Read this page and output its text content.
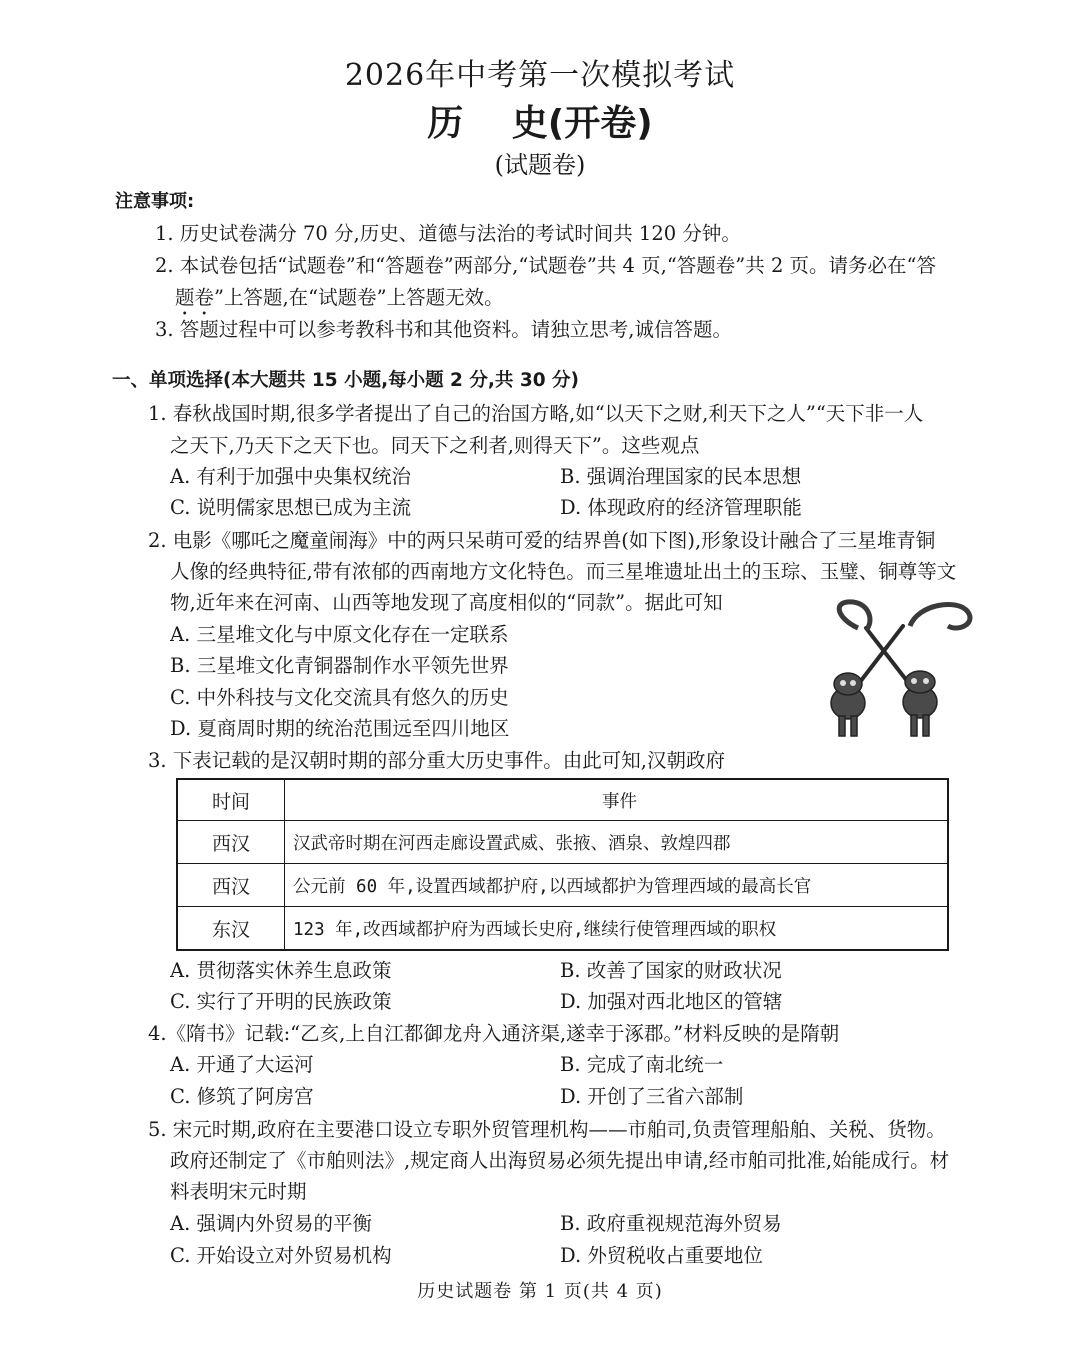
2026年中考第一次模拟考试
历　 史(开卷)
(试题卷)
注意事项:
1. 历史试卷满分 70 分,历史、道德与法治的考试时间共 120 分钟。
2. 本试卷包括“试题卷”和“答题卷”两部分,“试题卷”共 4 页,“答题卷”共 2 页。请务必在“答
题卷”上答题,在“试题卷”上答题无效。
3. 答题过程中可以参考教科书和其他资料。请独立思考,诚信答题。
一、单项选择(本大题共 15 小题,每小题 2 分,共 30 分)
1. 春秋战国时期,很多学者提出了自己的治国方略,如“以天下之财,利天下之人”“天下非一人
之天下,乃天下之天下也。同天下之利者,则得天下”。这些观点
A. 有利于加强中央集权统治	B. 强调治理国家的民本思想
C. 说明儒家思想已成为主流	D. 体现政府的经济管理职能
2. 电影《哪吒之魔童闹海》中的两只呆萌可爱的结界兽(如下图),形象设计融合了三星堆青铜
人像的经典特征,带有浓郁的西南地方文化特色。而三星堆遗址出土的玉琮、玉璧、铜尊等文
物,近年来在河南、山西等地发现了高度相似的“同款”。据此可知
A. 三星堆文化与中原文化存在一定联系
B. 三星堆文化青铜器制作水平领先世界
C. 中外科技与文化交流具有悠久的历史
D. 夏商周时期的统治范围远至四川地区
3. 下表记载的是汉朝时期的部分重大历史事件。由此可知,汉朝政府
时间	事件
西汉	汉武帝时期在河西走廊设置武威、张掖、酒泉、敦煌四郡
西汉	公元前 60 年,设置西域都护府,以西域都护为管理西域的最高长官
东汉	123 年,改西域都护府为西域长史府,继续行使管理西域的职权
A. 贯彻落实休养生息政策	B. 改善了国家的财政状况
C. 实行了开明的民族政策	D. 加强对西北地区的管辖
4.《隋书》记载:“乙亥,上自江都御龙舟入通济渠,遂幸于涿郡。”材料反映的是隋朝
A. 开通了大运河	B. 完成了南北统一
C. 修筑了阿房宫	D. 开创了三省六部制
5. 宋元时期,政府在主要港口设立专职外贸管理机构——市舶司,负责管理船舶、关税、货物。
政府还制定了《市舶则法》,规定商人出海贸易必须先提出申请,经市舶司批准,始能成行。材
料表明宋元时期
A. 强调内外贸易的平衡	B. 政府重视规范海外贸易
C. 开始设立对外贸易机构	D. 外贸税收占重要地位
历史试题卷 第 1 页(共 4 页)
